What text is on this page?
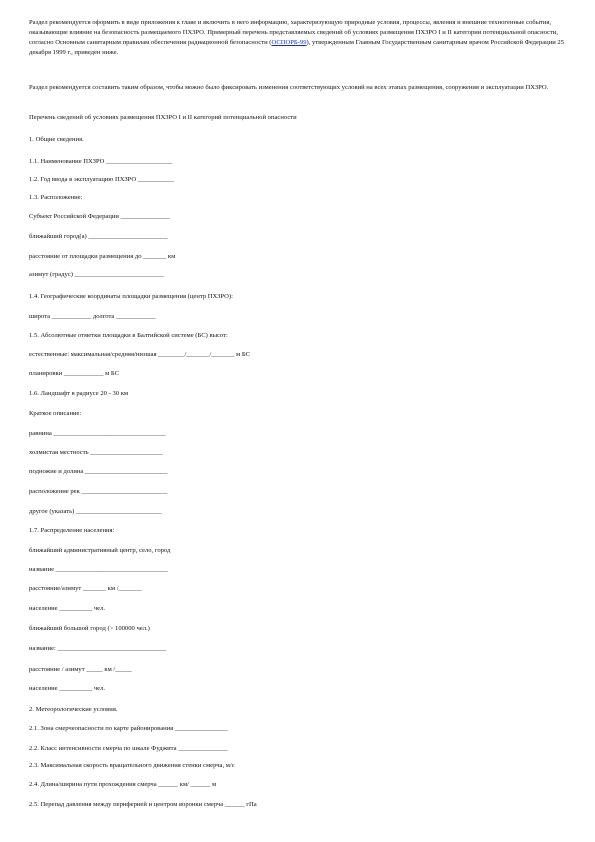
Раздел рекомендуется оформить в виде приложения к главе и включить в него информацию, характеризующую природные условия, процессы, явления и внешние техногенные события, оказывающие влияние на безопасность размещаемого ПХЗРО. Примерный перечень представляемых сведений об условиях размещения ПХЗРО I и II категории потенциальной опасности, согласно Основным санитарным правилам обеспечения радиационной безопасности (ОСПОРБ-99), утвержденным Главным Государственным санитарным врачом Российской Федерации 25 декабря 1999 г., приведен ниже.

Раздел рекомендуется составить таким образом, чтобы можно было фиксировать изменения соответствующих условий на всех этапах размещения, сооружения и эксплуатации ПХЗРО.

Перечень сведений об условиях размещения ПХЗРО I и II категорий потенциальной опасности

1. Общие сведения.
1.1. Наименование ПХЗРО ____________________
1.2. Год ввода в эксплуатацию ПХЗРО ___________
1.3. Расположение:
Субъект Российской Федерации _______________
ближайший город(а) ________________________
расстояние от площадки размещения до _______ км
азимут (градус) ___________________________
1.4. Географические координаты площадки размещения (центр ПХЗРО):
широта ____________ долгота ____________
1.5. Абсолютные отметки площадки в Балтийской системе (БС) высот:
естественные: максимальная/средняя/низшая ________/_______/_______ м БС
планировки ____________ м БС
1.6. Ландшафт в радиусе 20 - 30 км
Краткое описание:
равнина __________________________________
холмистая местность ______________________
подножие и долина _________________________
расположение рек __________________________
другое (указать) __________________________
1.7. Распределение населения:
ближайший административный центр, село, город
название __________________________________
расстояние/азимут _______ км /_______
население __________ чел.
ближайший большой город (> 100000 чел.)
название: _________________________________
расстояние / азимут _____ км /_____
население __________ чел.
2. Метеорологические условия.
2.1. Зона смерчеопасности по карте районирования ________________
2.2. Класс интенсивности смерча по шкале Фуджита _______________
2.3. Максимальная скорость вращательного движения стенки смерча, м/с
2.4. Длина/ширина пути прохождения смерча ______ км/ ______ м
2.5. Перепад давления между периферией и центром воронки смерча ______ гПа
